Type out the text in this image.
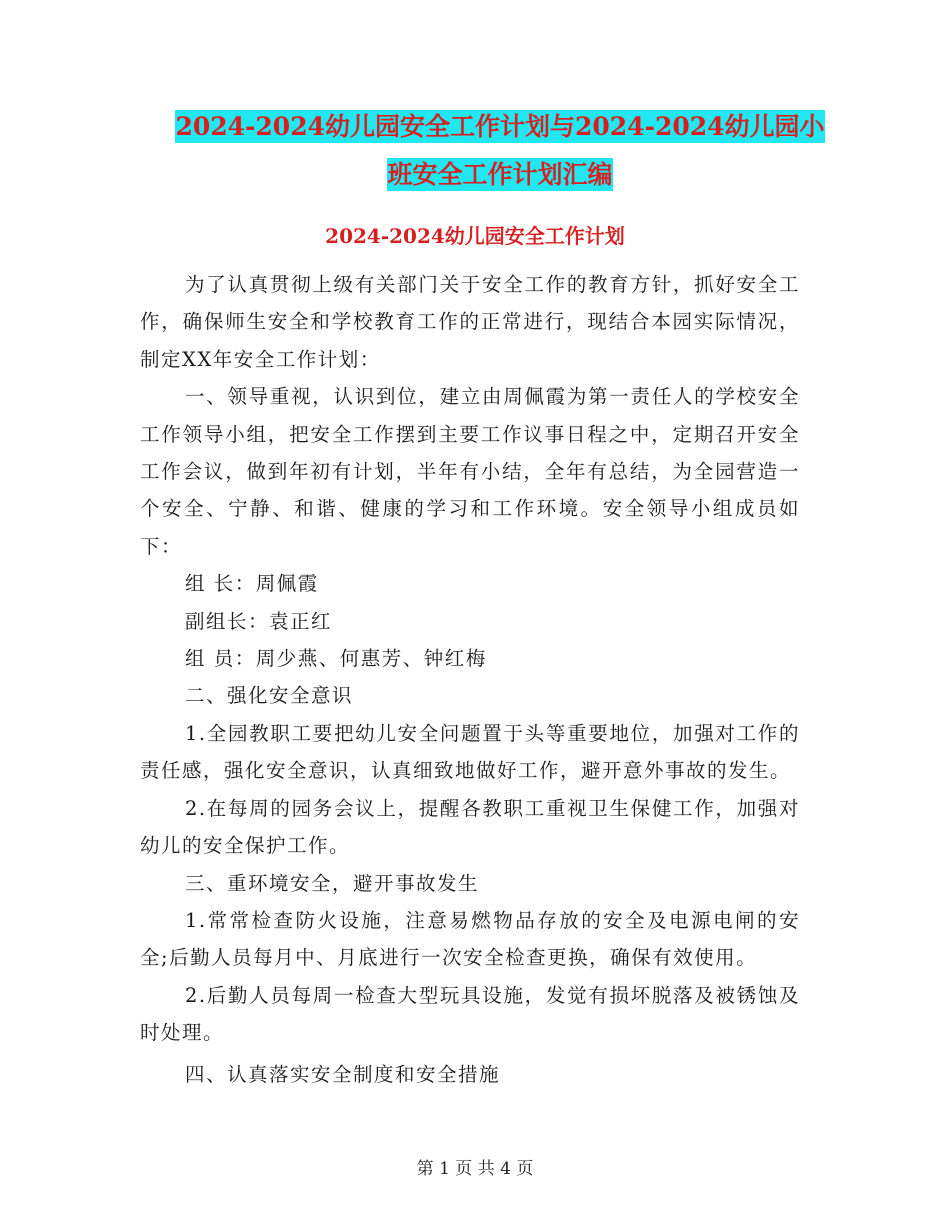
2024-2024幼儿园安全工作计划与2024-2024幼儿园小
班安全工作计划汇编
2024-2024幼儿园安全工作计划

为了认真贯彻上级有关部门关于安全工作的教育方针，抓好安全工作，确保师生安全和学校教育工作的正常进行，现结合本园实际情况，制定XX年安全工作计划：

一、领导重视，认识到位，建立由周佩霞为第一责任人的学校安全工作领导小组，把安全工作摆到主要工作议事日程之中，定期召开安全工作会议，做到年初有计划，半年有小结，全年有总结，为全园营造一个安全、宁静、和谐、健康的学习和工作环境。安全领导小组成员如下：

组 长：周佩霞

副组长：袁正红

组 员：周少燕、何惠芳、钟红梅

二、强化安全意识

1.全园教职工要把幼儿安全问题置于头等重要地位，加强对工作的责任感，强化安全意识，认真细致地做好工作，避开意外事故的发生。

2.在每周的园务会议上，提醒各教职工重视卫生保健工作，加强对幼儿的安全保护工作。

三、重环境安全，避开事故发生

1.常常检查防火设施，注意易燃物品存放的安全及电源电闸的安全;后勤人员每月中、月底进行一次安全检查更换，确保有效使用。

2.后勤人员每周一检查大型玩具设施，发觉有损坏脱落及被锈蚀及时处理。

四、认真落实安全制度和安全措施

第 1 页 共 4 页
